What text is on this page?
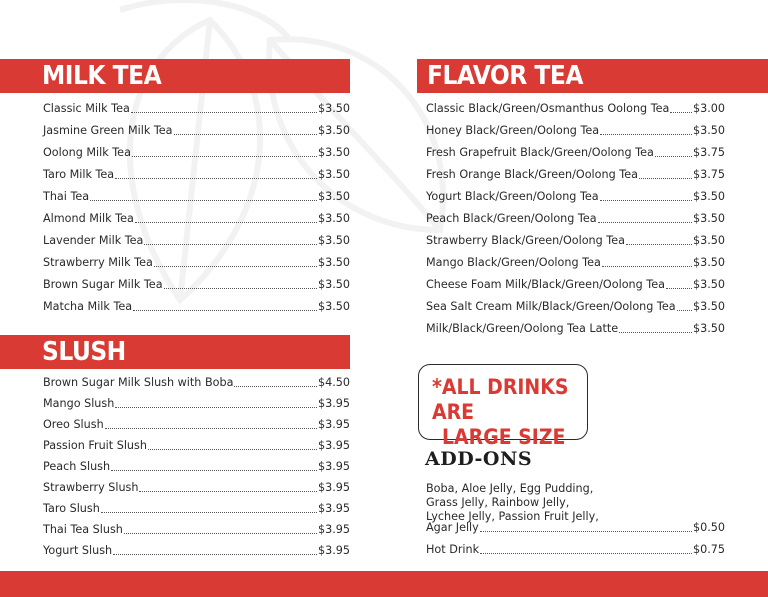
MILK TEA
Classic Milk Tea	$3.50
Jasmine Green Milk Tea	$3.50
Oolong Milk Tea	$3.50
Taro Milk Tea	$3.50
Thai Tea	$3.50
Almond Milk Tea	$3.50
Lavender Milk Tea	$3.50
Strawberry Milk Tea	$3.50
Brown Sugar Milk Tea	$3.50
Matcha Milk Tea	$3.50
SLUSH
Brown Sugar Milk Slush with Boba	$4.50
Mango Slush	$3.95
Oreo Slush	$3.95
Passion Fruit Slush	$3.95
Peach Slush	$3.95
Strawberry Slush	$3.95
Taro Slush	$3.95
Thai Tea Slush	$3.95
Yogurt Slush	$3.95
FLAVOR TEA
Classic Black/Green/Osmanthus Oolong Tea $3.00
Honey Black/Green/Oolong Tea	$3.50
Fresh Grapefruit Black/Green/Oolong Tea	$3.75
Fresh Orange Black/Green/Oolong Tea	$3.75
Yogurt Black/Green/Oolong Tea	$3.50
Peach Black/Green/Oolong Tea	$3.50
Strawberry Black/Green/Oolong Tea	$3.50
Mango Black/Green/Oolong Tea	$3.50
Cheese Foam Milk/Black/Green/Oolong Tea	$3.50
Sea Salt Cream Milk/Black/Green/Oolong Tea $3.50
Milk/Black/Green/Oolong Tea Latte	$3.50
*ALL DRINKS ARE
LARGE SIZE
ADD-ONS
Boba, Aloe Jelly, Egg Pudding,
Grass Jelly, Rainbow Jelly,
Lychee Jelly, Passion Fruit Jelly,
Agar Jelly	$0.50
Hot Drink	$0.75
